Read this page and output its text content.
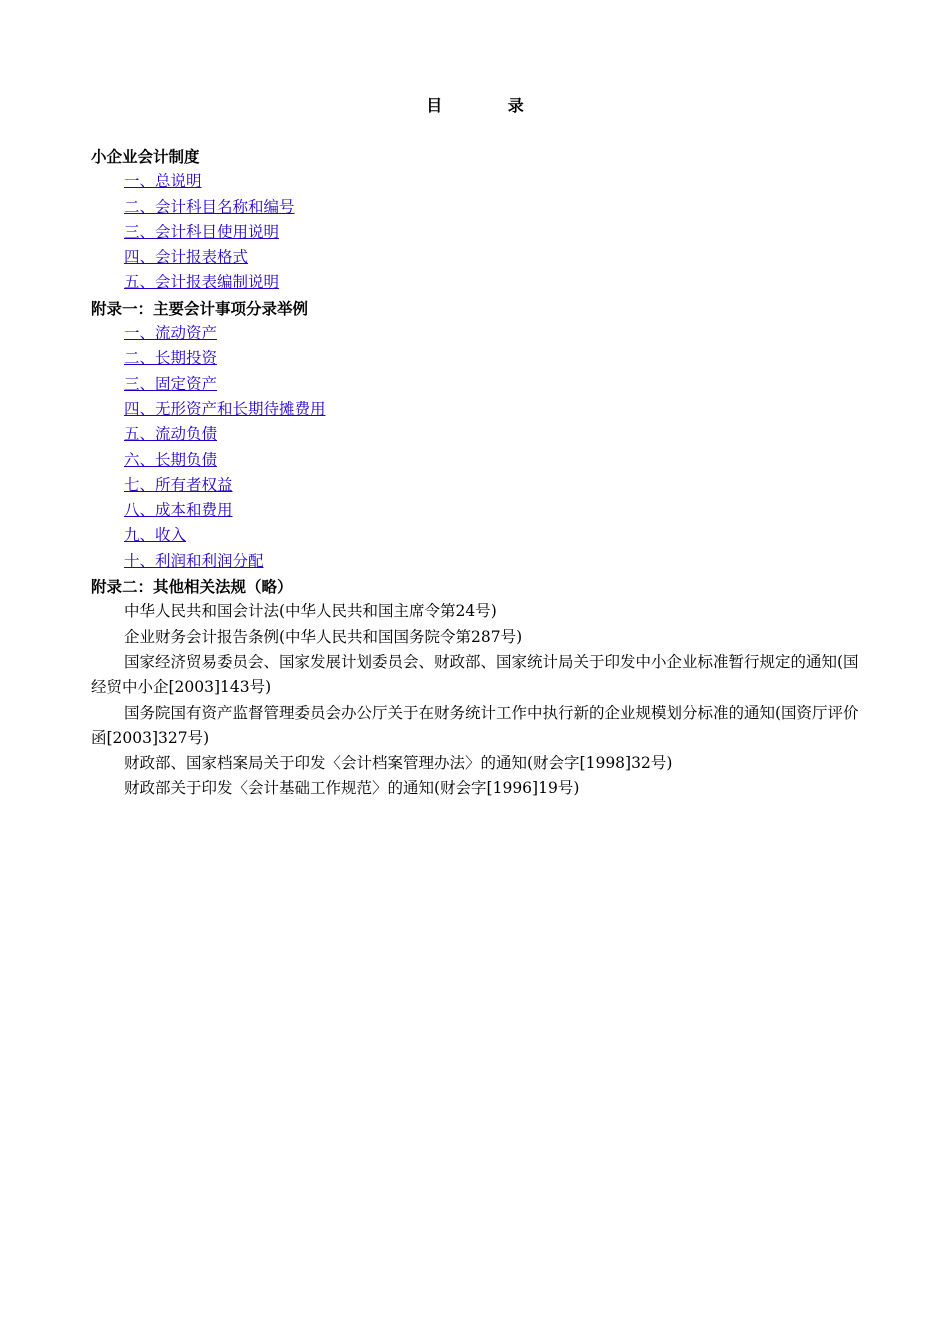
目 录
小企业会计制度
一、总说明
二、会计科目名称和编号
三、会计科目使用说明
四、会计报表格式
五、会计报表编制说明
附录一：主要会计事项分录举例
一、流动资产
二、长期投资
三、固定资产
四、无形资产和长期待摊费用
五、流动负债
六、长期负债
七、所有者权益
八、成本和费用
九、收入
十、利润和利润分配
附录二：其他相关法规（略）

中华人民共和国会计法(中华人民共和国主席令第24号)

企业财务会计报告条例(中华人民共和国国务院令第287号)

国家经济贸易委员会、国家发展计划委员会、财政部、国家统计局关于印发中小企业标准暂行规定的通知(国经贸中小企[2003]143号)

国务院国有资产监督管理委员会办公厅关于在财务统计工作中执行新的企业规模划分标准的通知(国资厅评价函[2003]327号)

财政部、国家档案局关于印发〈会计档案管理办法〉的通知(财会字[1998]32号)

财政部关于印发〈会计基础工作规范〉的通知(财会字[1996]19号)
